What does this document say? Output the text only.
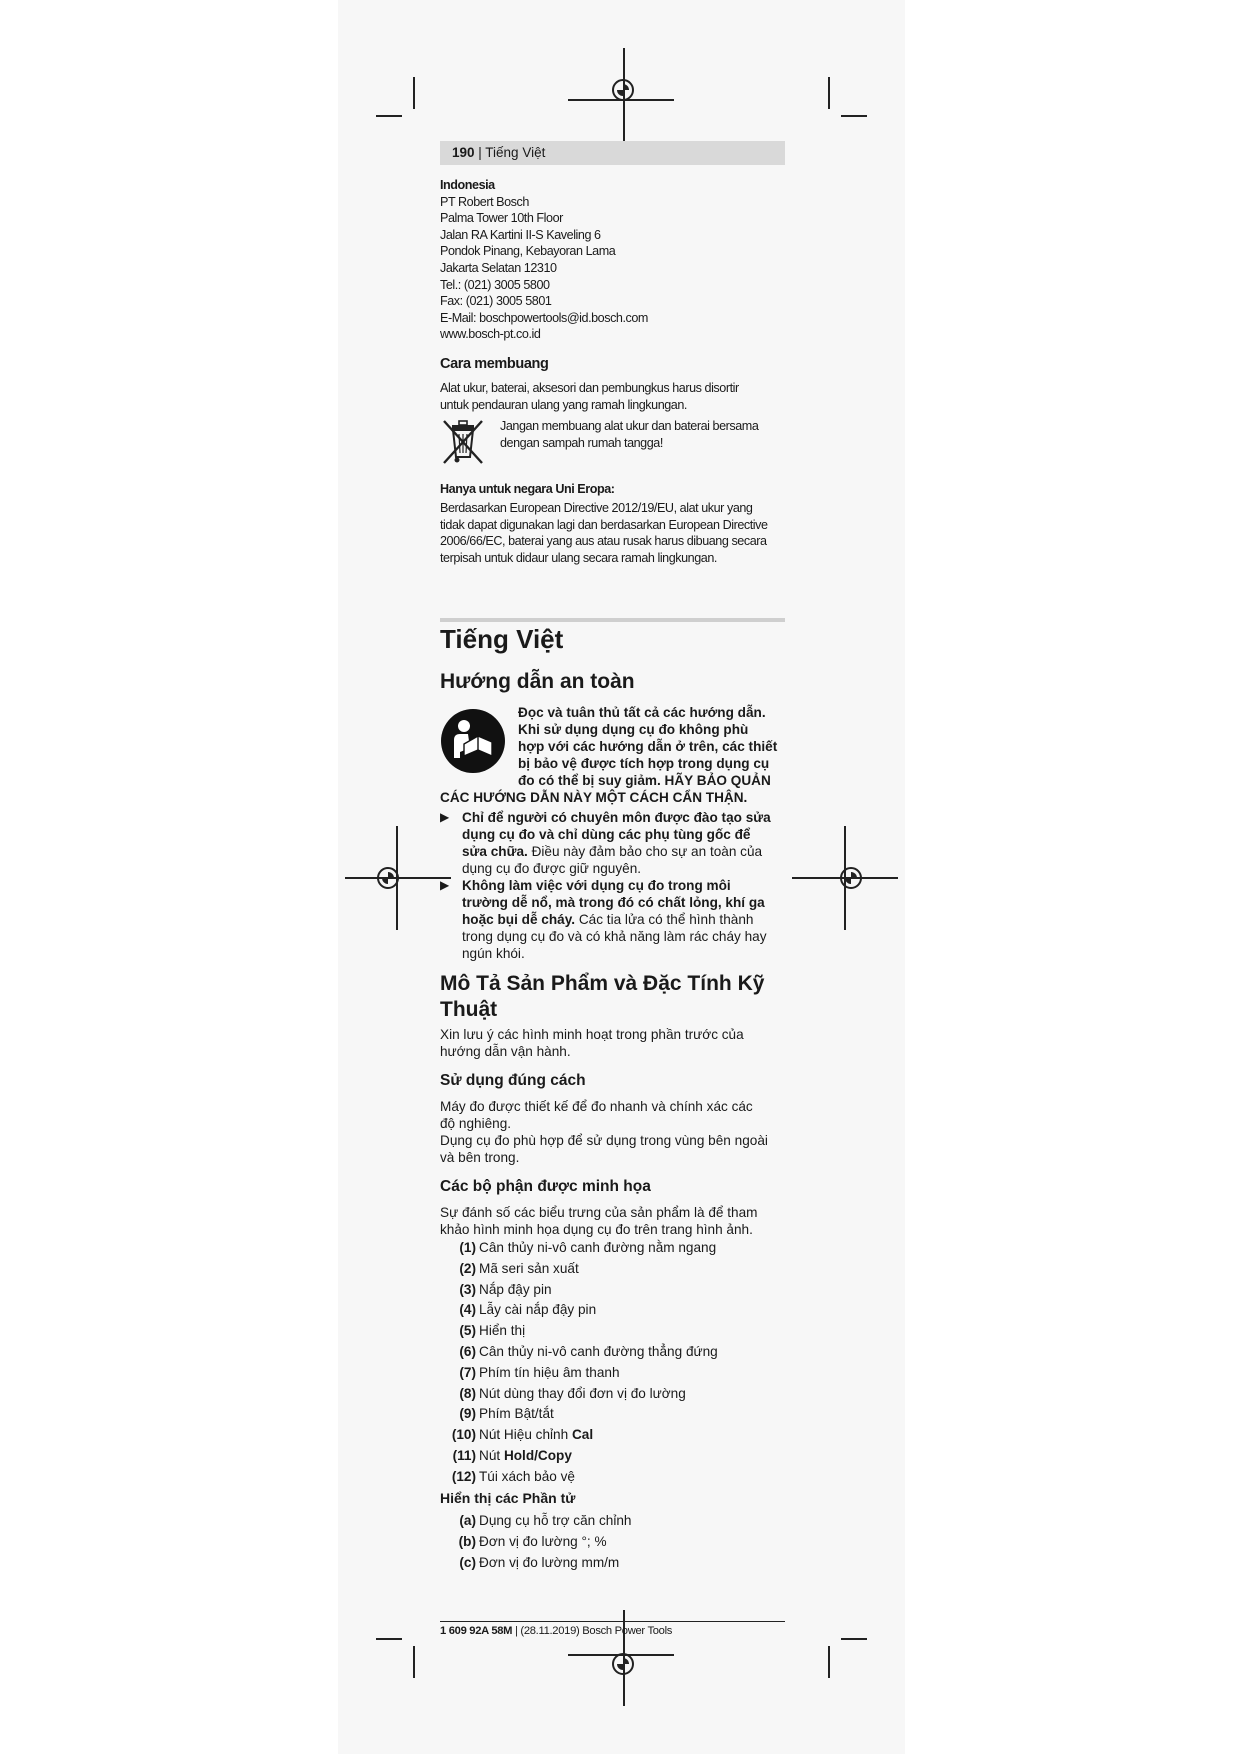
190 | Tiếng Việt
Indonesia
PT Robert Bosch
Palma Tower 10th Floor
Jalan RA Kartini II-S Kaveling 6
Pondok Pinang, Kebayoran Lama
Jakarta Selatan 12310
Tel.: (021) 3005 5800
Fax: (021) 3005 5801
E-Mail: boschpowertools@id.bosch.com
www.bosch-pt.co.id
Cara membuang
Alat ukur, baterai, aksesori dan pembungkus harus disortir
untuk pendauran ulang yang ramah lingkungan.
Jangan membuang alat ukur dan baterai bersama
dengan sampah rumah tangga!
Hanya untuk negara Uni Eropa:
Berdasarkan European Directive 2012/19/EU, alat ukur yang
tidak dapat digunakan lagi dan berdasarkan European Directive
2006/66/EC, baterai yang aus atau rusak harus dibuang secara
terpisah untuk didaur ulang secara ramah lingkungan.
Tiếng Việt
Hướng dẫn an toàn
Đọc và tuân thủ tất cả các hướng dẫn.
Khi sử dụng dụng cụ đo không phù
hợp với các hướng dẫn ở trên, các thiết
bị bảo vệ được tích hợp trong dụng cụ
đo có thể bị suy giảm. HÃY BẢO QUẢN
CÁC HƯỚNG DẪN NÀY MỘT CÁCH CẨN THẬN.
▶ Chỉ để người có chuyên môn được đào tạo sửa
dụng cụ đo và chỉ dùng các phụ tùng gốc để
sửa chữa. Điều này đảm bảo cho sự an toàn của
dụng cụ đo được giữ nguyên.
▶ Không làm việc với dụng cụ đo trong môi
trường dễ nổ, mà trong đó có chất lỏng, khí ga
hoặc bụi dễ cháy. Các tia lửa có thể hình thành
trong dụng cụ đo và có khả năng làm rác cháy hay
ngún khói.
Mô Tả Sản Phẩm và Đặc Tính Kỹ
Thuật
Xin lưu ý các hình minh hoạt trong phần trước của
hướng dẫn vận hành.
Sử dụng đúng cách
Máy đo được thiết kế để đo nhanh và chính xác các
độ nghiêng.
Dụng cụ đo phù hợp để sử dụng trong vùng bên ngoài
và bên trong.
Các bộ phận được minh họa
Sự đánh số các biểu trưng của sản phẩm là để tham
khảo hình minh họa dụng cụ đo trên trang hình ảnh.
(1) Cân thủy ni-vô canh đường nằm ngang
(2) Mã seri sản xuất
(3) Nắp đậy pin
(4) Lẫy cài nắp đậy pin
(5) Hiển thị
(6) Cân thủy ni-vô canh đường thẳng đứng
(7) Phím tín hiệu âm thanh
(8) Nút dùng thay đổi đơn vị đo lường
(9) Phím Bật/tắt
(10) Nút Hiệu chỉnh Cal
(11) Nút Hold/Copy
(12) Túi xách bảo vệ
Hiển thị các Phần tử
(a) Dụng cụ hỗ trợ căn chỉnh
(b) Đơn vị đo lường °; %
(c) Đơn vị đo lường mm/m
1 609 92A 58M | (28.11.2019) Bosch Power Tools
